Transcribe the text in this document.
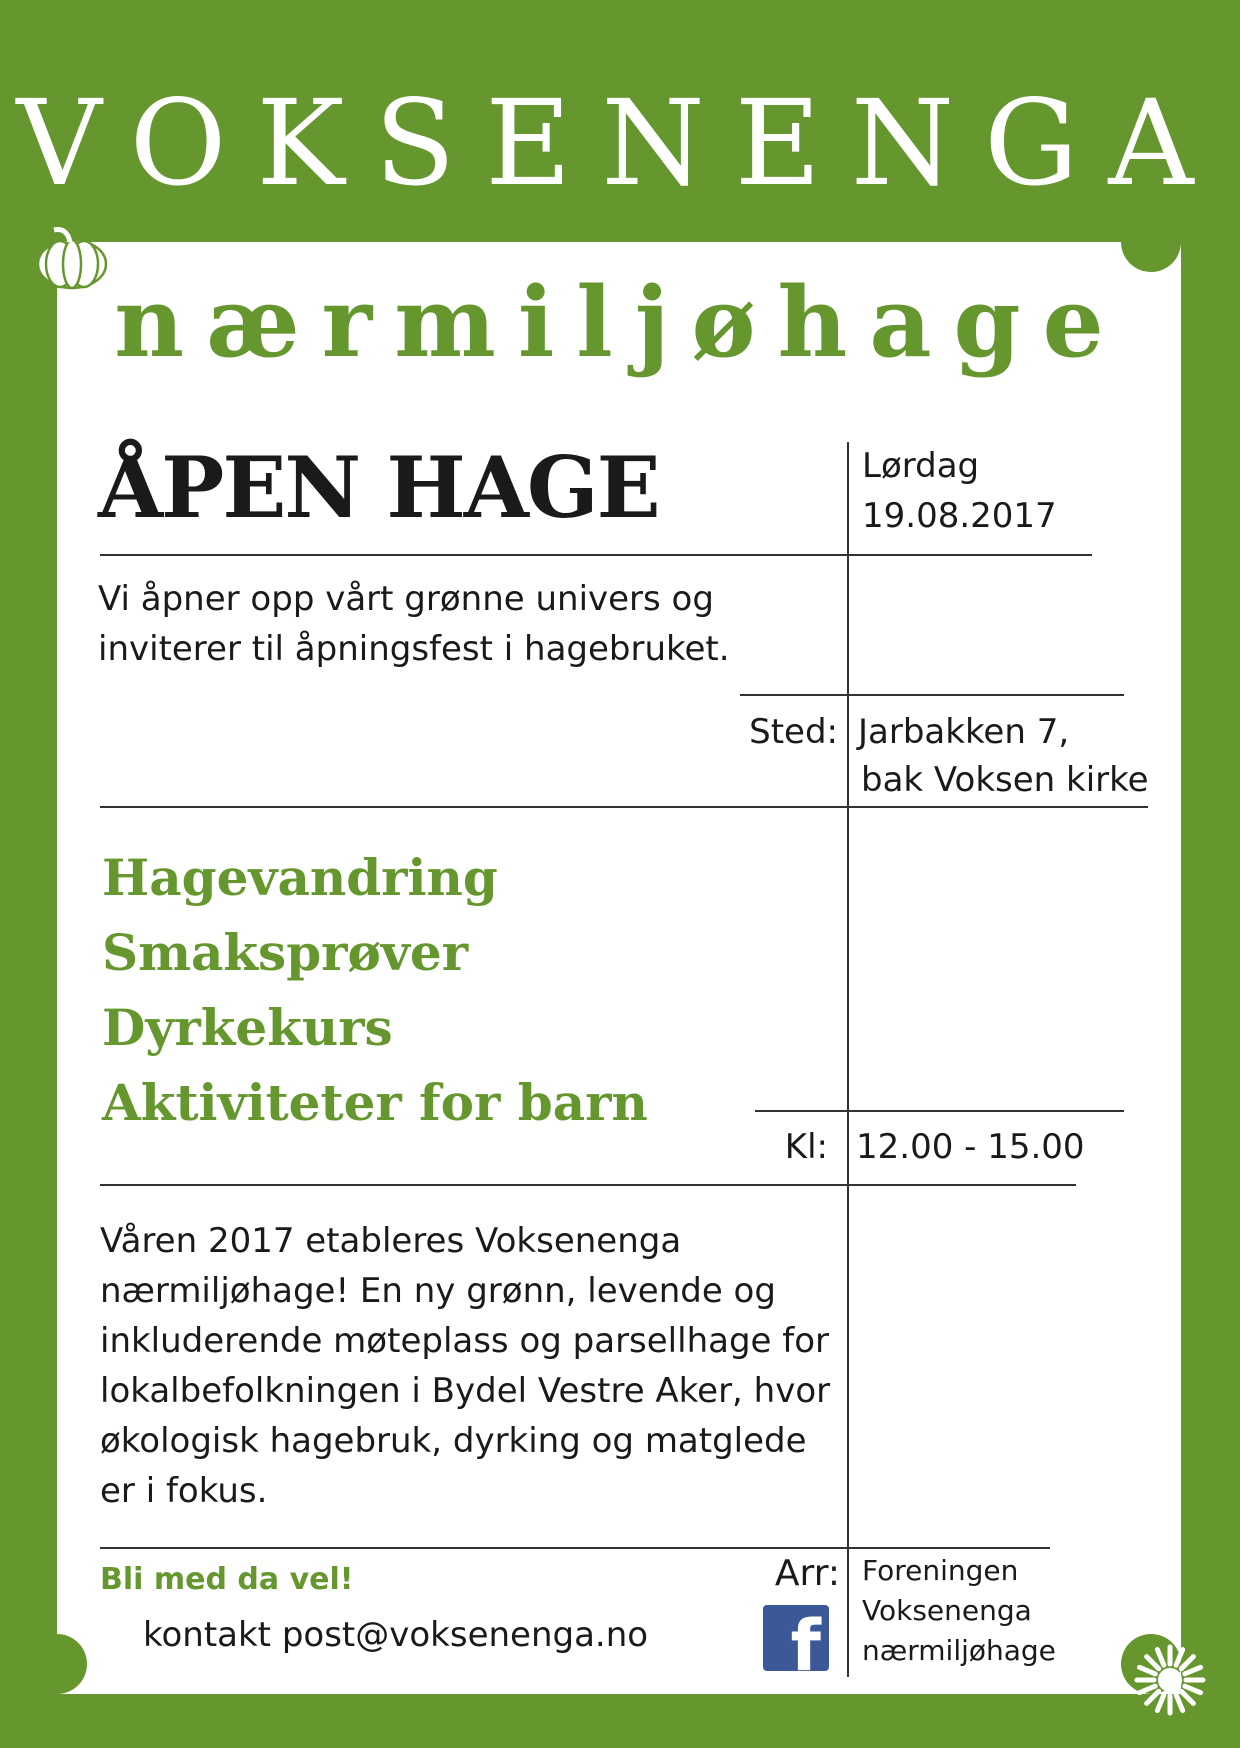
VOKSENENGA
nærmiljøhage
ÅPEN HAGE	Lørdag
19.08.2017
Vi åpner opp vårt grønne univers og
inviterer til åpningsfest i hagebruket.
Sted: Jarbakken 7,
bak Voksen kirke
Hagevandring
Smaksprøver
Dyrkekurs
Aktiviteter for barn
Kl: 12.00 - 15.00
Våren 2017 etableres Voksenenga
nærmiljøhage! En ny grønn, levende og
inkluderende møteplass og parsellhage for
lokalbefolkningen i Bydel Vestre Aker, hvor
økologisk hagebruk, dyrking og matglede
er i fokus.
Bli med da vel!
kontakt post@voksenenga.no
Arr:
f
Foreningen
Voksenenga
nærmiljøhage
